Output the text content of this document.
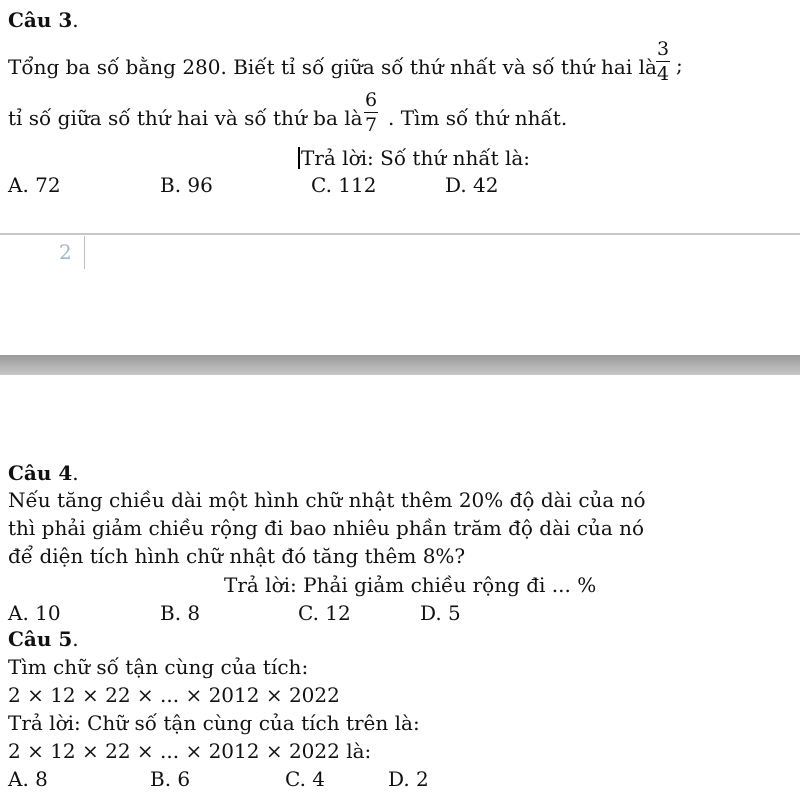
Câu 3.
Tổng ba số bằng 280. Biết tỉ số giữa số thứ nhất và số thứ hai là
3
4 ;
tỉ số giữa số thứ hai và số thứ ba là
6
7 . Tìm số thứ nhất.
Trả lời: Số thứ nhất là:
A. 72	B. 96	C. 112	D. 42
2
Câu 4.
Nếu tăng chiều dài một hình chữ nhật thêm 20% độ dài của nó
thì phải giảm chiều rộng đi bao nhiêu phần trăm độ dài của nó
để diện tích hình chữ nhật đó tăng thêm 8%?
Trả lời: Phải giảm chiều rộng đi ... %
A. 10	B. 8	C. 12	D. 5
Câu 5.
Tìm chữ số tận cùng của tích:
2 × 12 × 22 × ... × 2012 × 2022
Trả lời: Chữ số tận cùng của tích trên là:
2 × 12 × 22 × ... × 2012 × 2022 là:
A. 8	B. 6	C. 4	D. 2
